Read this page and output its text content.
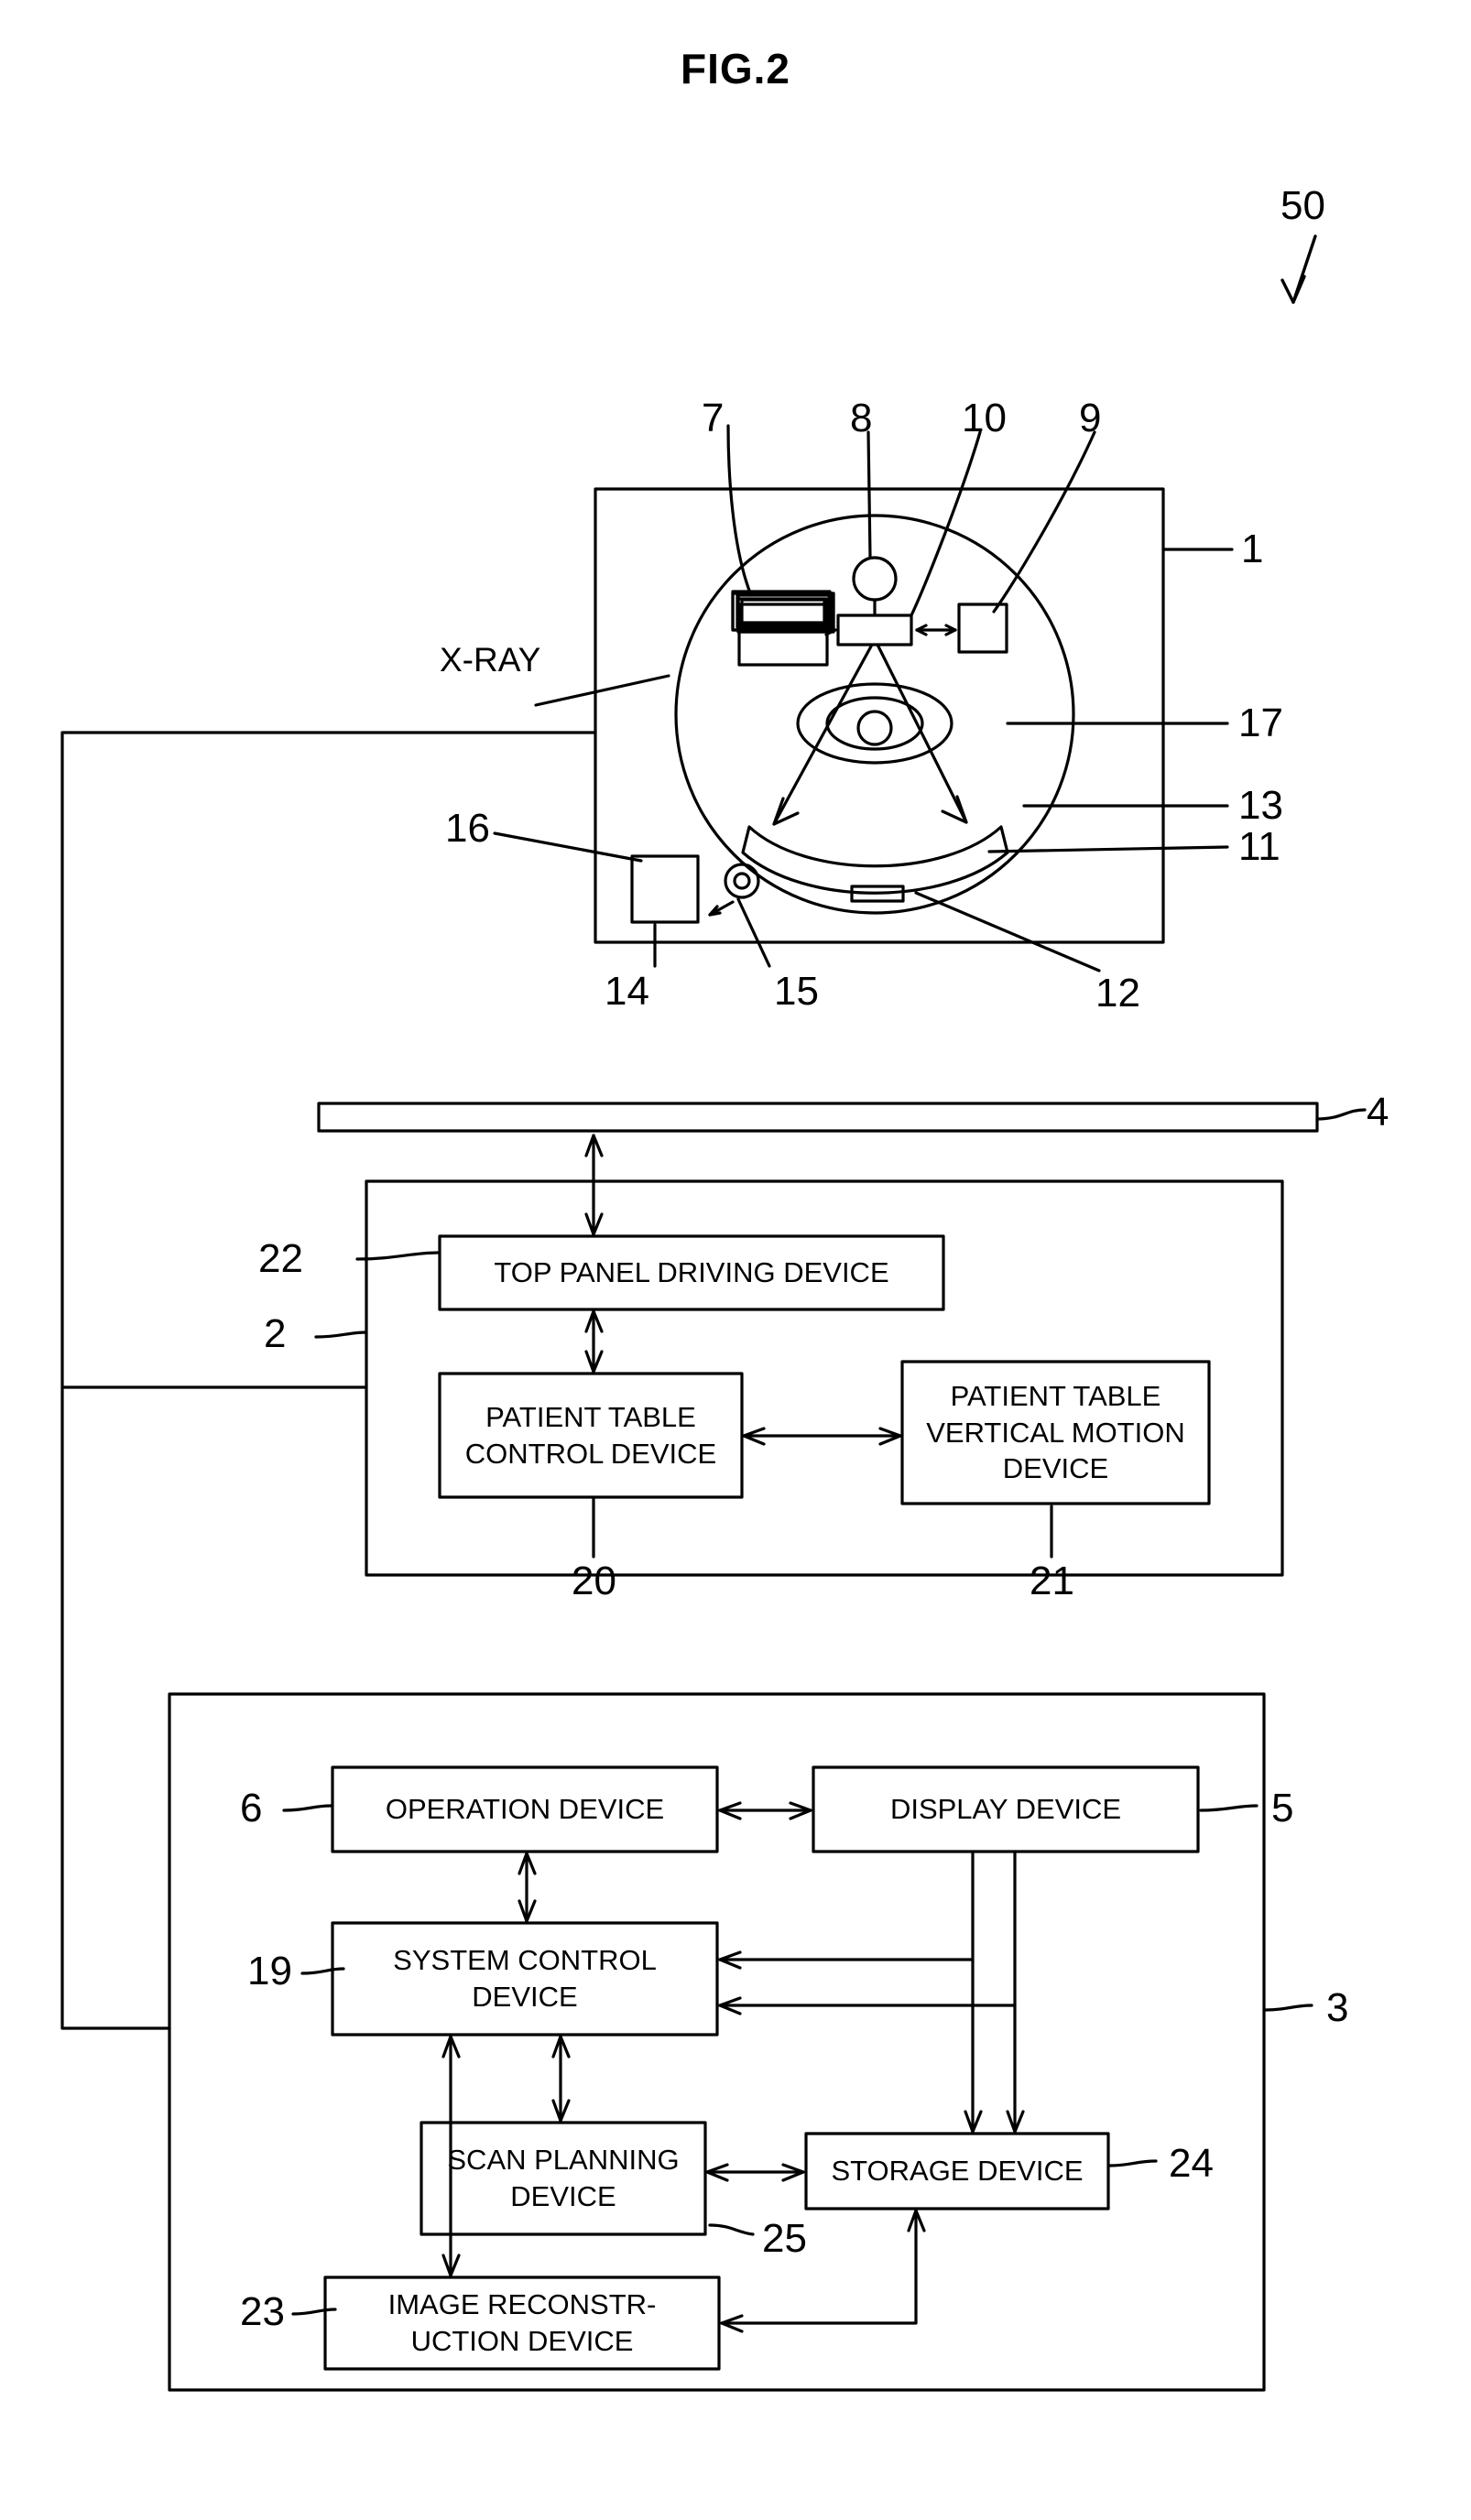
FIG.2
50
7	8 10 9
1
17
13
11
12
16
14	15
X-RAY
4
22
2
20	21
TOP PANEL DRIVING DEVICE
PATIENT TABLE
CONTROL DEVICE
PATIENT TABLE
VERTICAL MOTION
DEVICE
6	5
19
3
24
25
23
OPERATION DEVICE	DISPLAY DEVICE
SYSTEM CONTROL
DEVICE
SCAN PLANNING
DEVICE
STORAGE DEVICE
IMAGE RECONSTR-
UCTION DEVICE
